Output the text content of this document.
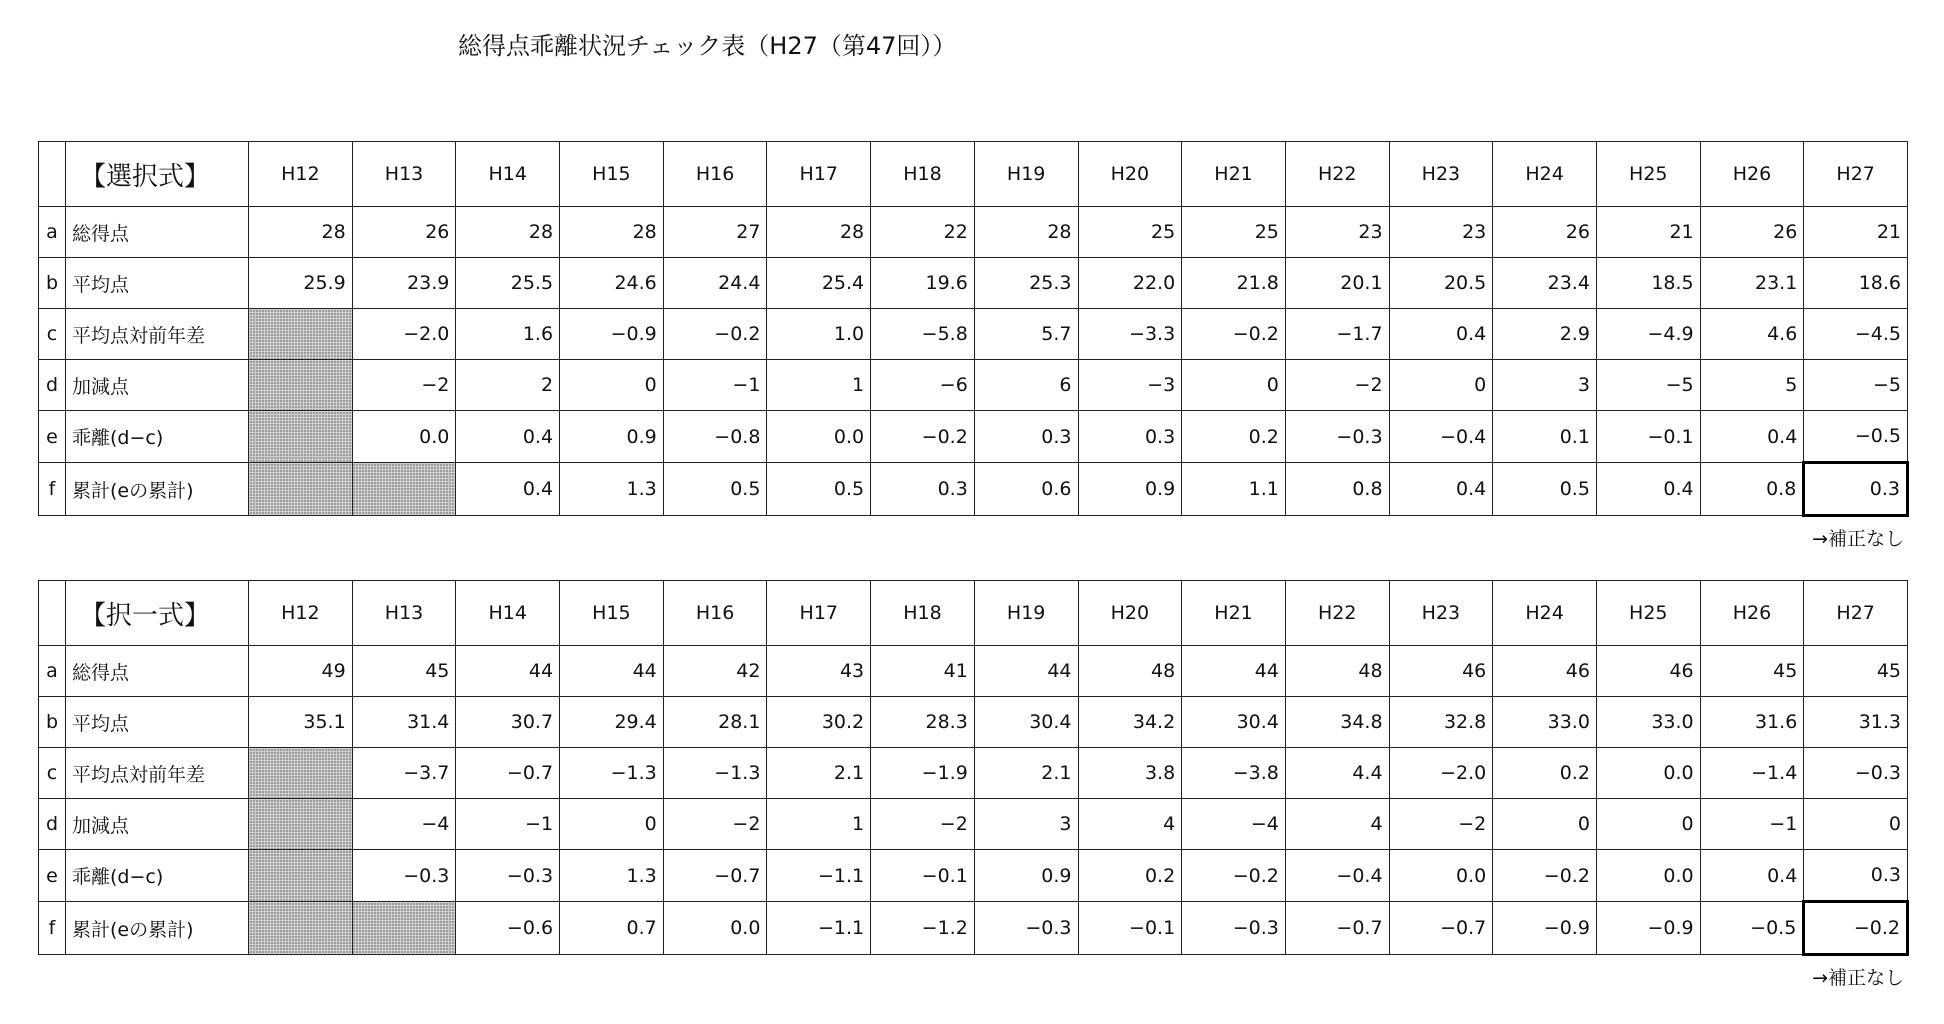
総得点乖離状況チェック表（H27（第47回））
	【選択式】	H12	H13	H14	H15	H16	H17	H18	H19	H20	H21	H22	H23	H24	H25	H26	H27
a	総得点	28	26	28	28	27	28	22	28	25	25	23	23	26	21	26	21
b	平均点	25.9	23.9	25.5	24.6	24.4	25.4	19.6	25.3	22.0	21.8	20.1	20.5	23.4	18.5	23.1	18.6
c	平均点対前年差		−2.0	1.6	−0.9	−0.2	1.0	−5.8	5.7	−3.3	−0.2	−1.7	0.4	2.9	−4.9	4.6	−4.5
d	加減点		−2	2	0	−1	1	−6	6	−3	0	−2	0	3	−5	5	−5
e	乖離(d−c)		0.0	0.4	0.9	−0.8	0.0	−0.2	0.3	0.3	0.2	−0.3	−0.4	0.1	−0.1	0.4	−0.5
f	累計(eの累計)			0.4	1.3	0.5	0.5	0.3	0.6	0.9	1.1	0.8	0.4	0.5	0.4	0.8	0.3
→補正なし
	【択一式】	H12	H13	H14	H15	H16	H17	H18	H19	H20	H21	H22	H23	H24	H25	H26	H27
a	総得点	49	45	44	44	42	43	41	44	48	44	48	46	46	46	45	45
b	平均点	35.1	31.4	30.7	29.4	28.1	30.2	28.3	30.4	34.2	30.4	34.8	32.8	33.0	33.0	31.6	31.3
c	平均点対前年差		−3.7	−0.7	−1.3	−1.3	2.1	−1.9	2.1	3.8	−3.8	4.4	−2.0	0.2	0.0	−1.4	−0.3
d	加減点		−4	−1	0	−2	1	−2	3	4	−4	4	−2	0	0	−1	0
e	乖離(d−c)		−0.3	−0.3	1.3	−0.7	−1.1	−0.1	0.9	0.2	−0.2	−0.4	0.0	−0.2	0.0	0.4	0.3
f	累計(eの累計)			−0.6	0.7	0.0	−1.1	−1.2	−0.3	−0.1	−0.3	−0.7	−0.7	−0.9	−0.9	−0.5	−0.2
→補正なし
